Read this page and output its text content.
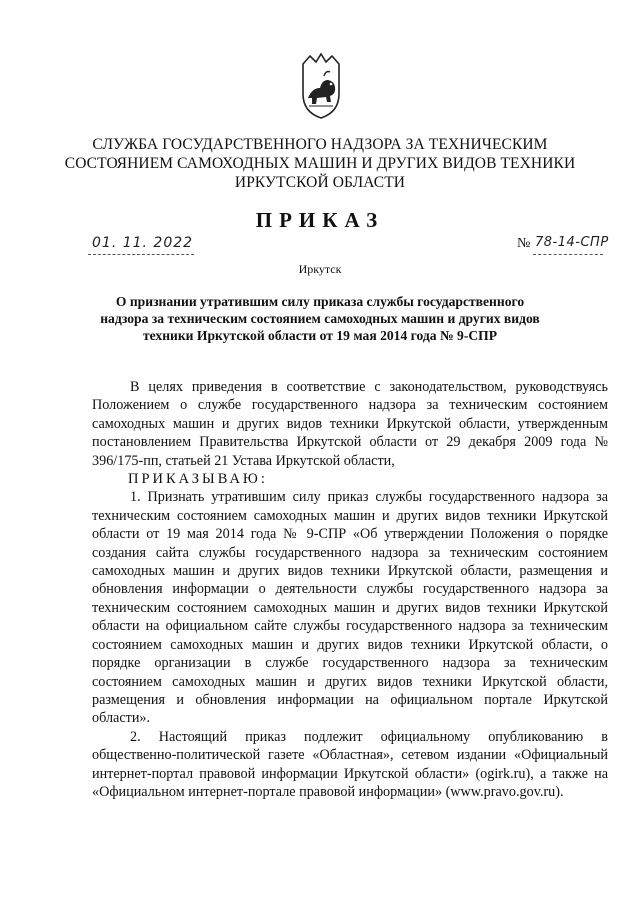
СЛУЖБА ГОСУДАРСТВЕННОГО НАДЗОРА ЗА ТЕХНИЧЕСКИМ
СОСТОЯНИЕМ САМОХОДНЫХ МАШИН И ДРУГИХ ВИДОВ ТЕХНИКИ
ИРКУТСКОЙ ОБЛАСТИ
ПРИКАЗ
01. 11. 2022	№ 78-14-СПР
Иркутск
О признании утратившим силу приказа службы государственного
надзора за техническим состоянием самоходных машин и других видов
техники Иркутской области от 19 мая 2014 года № 9-СПР

В целях приведения в соответствие с законодательством, руководствуясь Положением о службе государственного надзора за техническим состоянием самоходных машин и других видов техники Иркутской области, утвержденным постановлением Правительства Иркутской области от 29 декабря 2009 года № 396/175-пп, статьей 21 Устава Иркутской области,

ПРИКАЗЫВАЮ:

1. Признать утратившим силу приказ службы государственного надзора за техническим состоянием самоходных машин и других видов техники Иркутской области от 19 мая 2014 года № 9-СПР «Об утверждении Положения о порядке создания сайта службы государственного надзора за техническим состоянием самоходных машин и других видов техники Иркутской области, размещения и обновления информации о деятельности службы государственного надзора за техническим состоянием самоходных машин и других видов техники Иркутской области на официальном сайте службы государственного надзора за техническим состоянием самоходных машин и других видов техники Иркутской области, о порядке организации в службе государственного надзора за техническим состоянием самоходных машин и других видов техники Иркутской области, размещения и обновления информации на официальном портале Иркутской области».

2. Настоящий приказ подлежит официальному опубликованию в общественно-политической газете «Областная», сетевом издании «Официальный интернет-портал правовой информации Иркутской области» (ogirk.ru), а также на «Официальном интернет-портале правовой информации» (www.pravo.gov.ru).
